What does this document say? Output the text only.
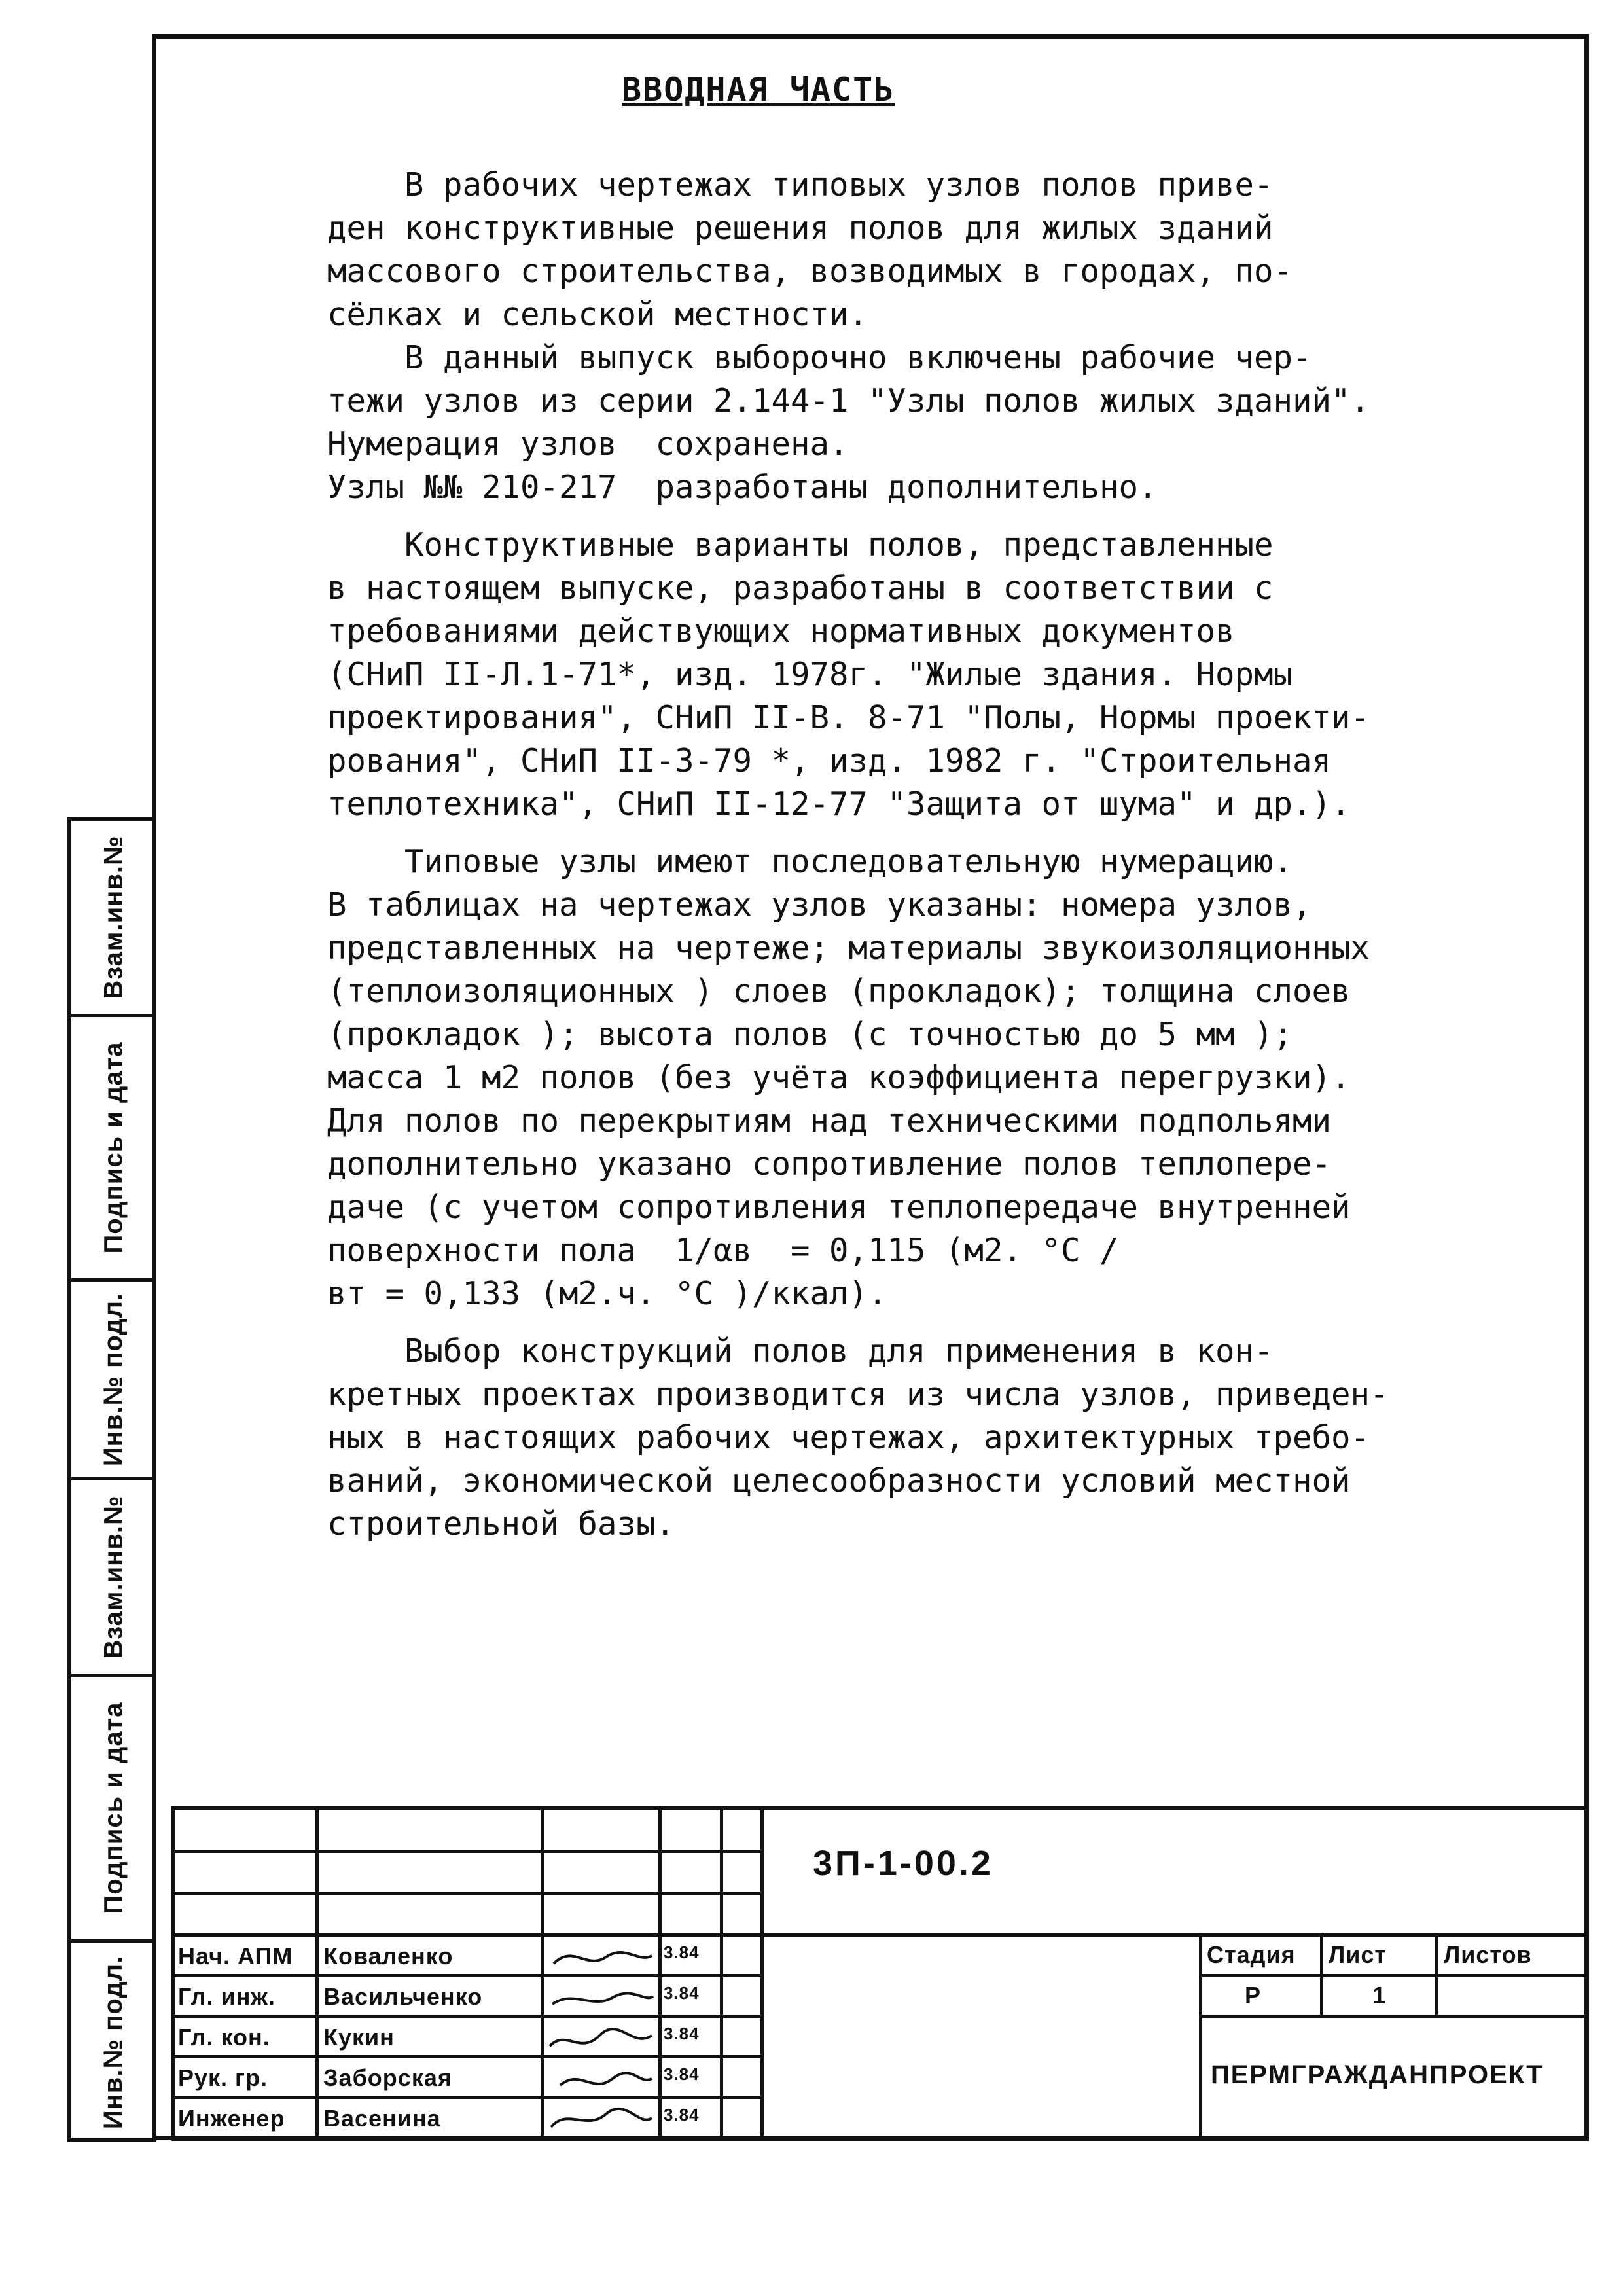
Взам.инв.№
Подпись и дата
Инв.№ подл.
Взам.инв.№
Подпись и дата
Инв.№ подл.
ВВОДНАЯ ЧАСТЬ
В рабочих чертежах типовых узлов полов приве-
ден конструктивные решения полов для жилых зданий
массового строительства, возводимых в городах, по-
сёлках и сельской местности.
В данный выпуск выборочно включены рабочие чер-
тежи узлов из серии 2.144-1 "Узлы полов жилых зданий".
Нумерация узлов  сохранена.
Узлы №№ 210-217  разработаны дополнительно.
Конструктивные варианты полов, представленные
в настоящем выпуске, разработаны в соответствии с
требованиями действующих нормативных документов
(СНиП II-Л.1-71*, изд. 1978г. "Жилые здания. Нормы
проектирования", СНиП II-В. 8-71 "Полы, Нормы проекти-
рования", СНиП II-3-79 *, изд. 1982 г. "Строительная
теплотехника", СНиП II-12-77 "Защита от шума" и др.).
Типовые узлы имеют последовательную нумерацию.
В таблицах на чертежах узлов указаны: номера узлов,
представленных на чертеже; материалы звукоизоляционных
(теплоизоляционных ) слоев (прокладок); толщина слоев
(прокладок ); высота полов (с точностью до 5 мм );
масса 1 м2 полов (без учёта коэффициента перегрузки).
Для полов по перекрытиям над техническими подпольями
дополнительно указано сопротивление полов теплопере-
даче (с учетом сопротивления теплопередаче внутренней
поверхности пола  1/αв  = 0,115 (м2. °С /
вт = 0,133 (м2.ч. °С )/ккал).
Выбор конструкций полов для применения в кон-
кретных проектах производится из числа узлов, приведен-
ных в настоящих рабочих чертежах, архитектурных требо-
ваний, экономической целесообразности условий местной
строительной базы.
3П-1-00.2
Нач. АПМ Коваленко	3.84
Гл. инж. Васильченко	3.84
Гл. кон. Кукин	3.84
Рук. гр. Заборская	3.84
Инженер Васенина	3.84
Стадия Лист Листов
Р	1
ПЕРМГРАЖДАНПРОЕКТ
